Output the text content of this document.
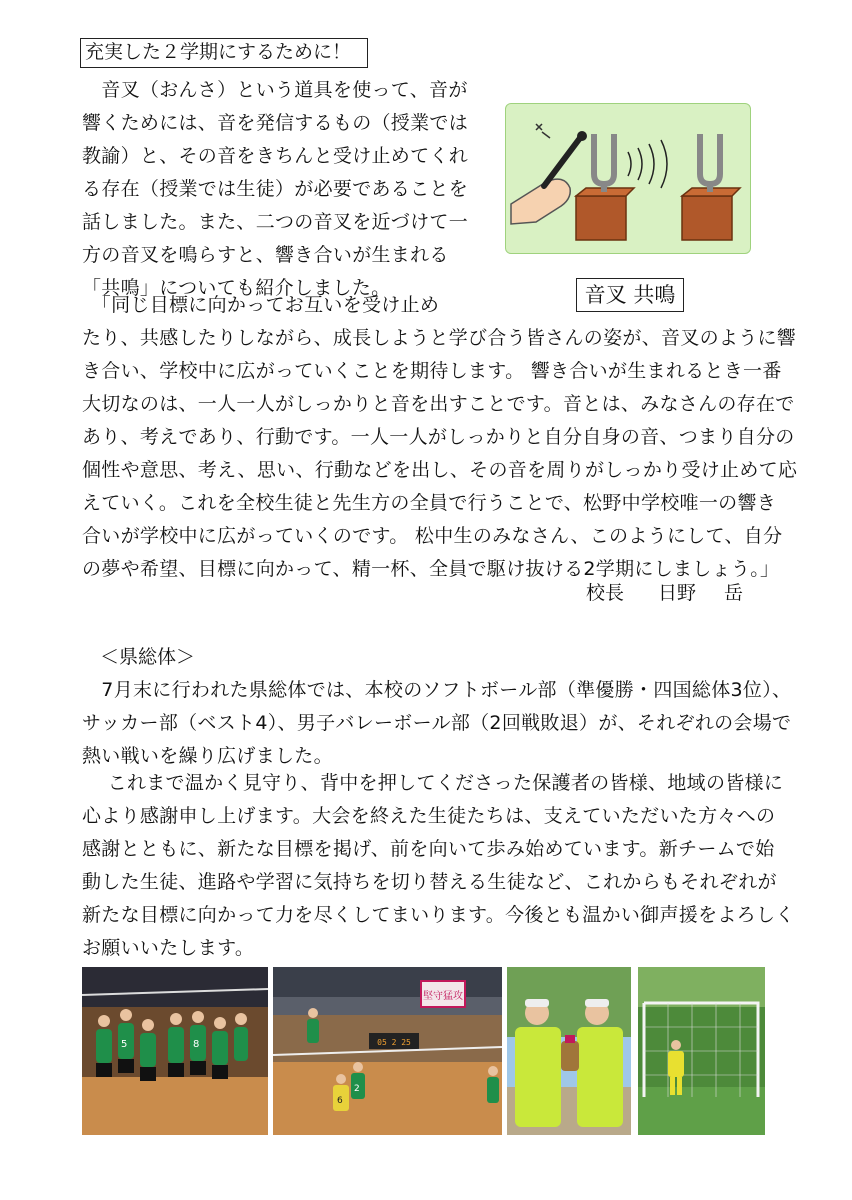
充実した２学期にするために！
　音叉（おんさ）という道具を使って、音が
響くためには、音を発信するもの（授業では
教諭）と、その音をきちんと受け止めてくれ
る存在（授業では生徒）が必要であることを
話しました。また、二つの音叉を近づけて一
方の音叉を鳴らすと、響き合いが生まれる
「共鳴」についても紹介しました。	音叉 共鳴
　「同じ目標に向かってお互いを受け止め
たり、共感したりしながら、成長しようと学び合う皆さんの姿が、音叉のように響
き合い、学校中に広がっていくことを期待します。 響き合いが生まれるとき一番
大切なのは、一人一人がしっかりと音を出すことです。音とは、みなさんの存在で
あり、考えであり、行動です。一人一人がしっかりと自分自身の音、つまり自分の
個性や意思、考え、思い、行動などを出し、その音を周りがしっかり受け止めて応
えていく。これを全校生徒と先生方の全員で行うことで、松野中学校唯一の響き
合いが学校中に広がっていくのです。 松中生のみなさん、このようにして、自分
の夢や希望、目標に向かって、精一杯、全員で駆け抜ける2学期にしましょう。」
校長 日野 岳
＜県総体＞
　7月末に行われた県総体では、本校のソフトボール部（準優勝・四国総体3位）、
サッカー部（ベスト4）、男子バレーボール部（2回戦敗退）が、それぞれの会場で
熱い戦いを繰り広げました。
　 これまで温かく見守り、背中を押してくださった保護者の皆様、地域の皆様に
心より感謝申し上げます。大会を終えた生徒たちは、支えていただいた方々への
感謝とともに、新たな目標を掲げ、前を向いて歩み始めています。新チームで始
動した生徒、進路や学習に気持ちを切り替える生徒など、これからもそれぞれが
新たな目標に向かって力を尽くしてまいります。今後とも温かい御声援をよろしく
お願いいたします。
5	8
堅守猛攻
05 2 25
2
6
